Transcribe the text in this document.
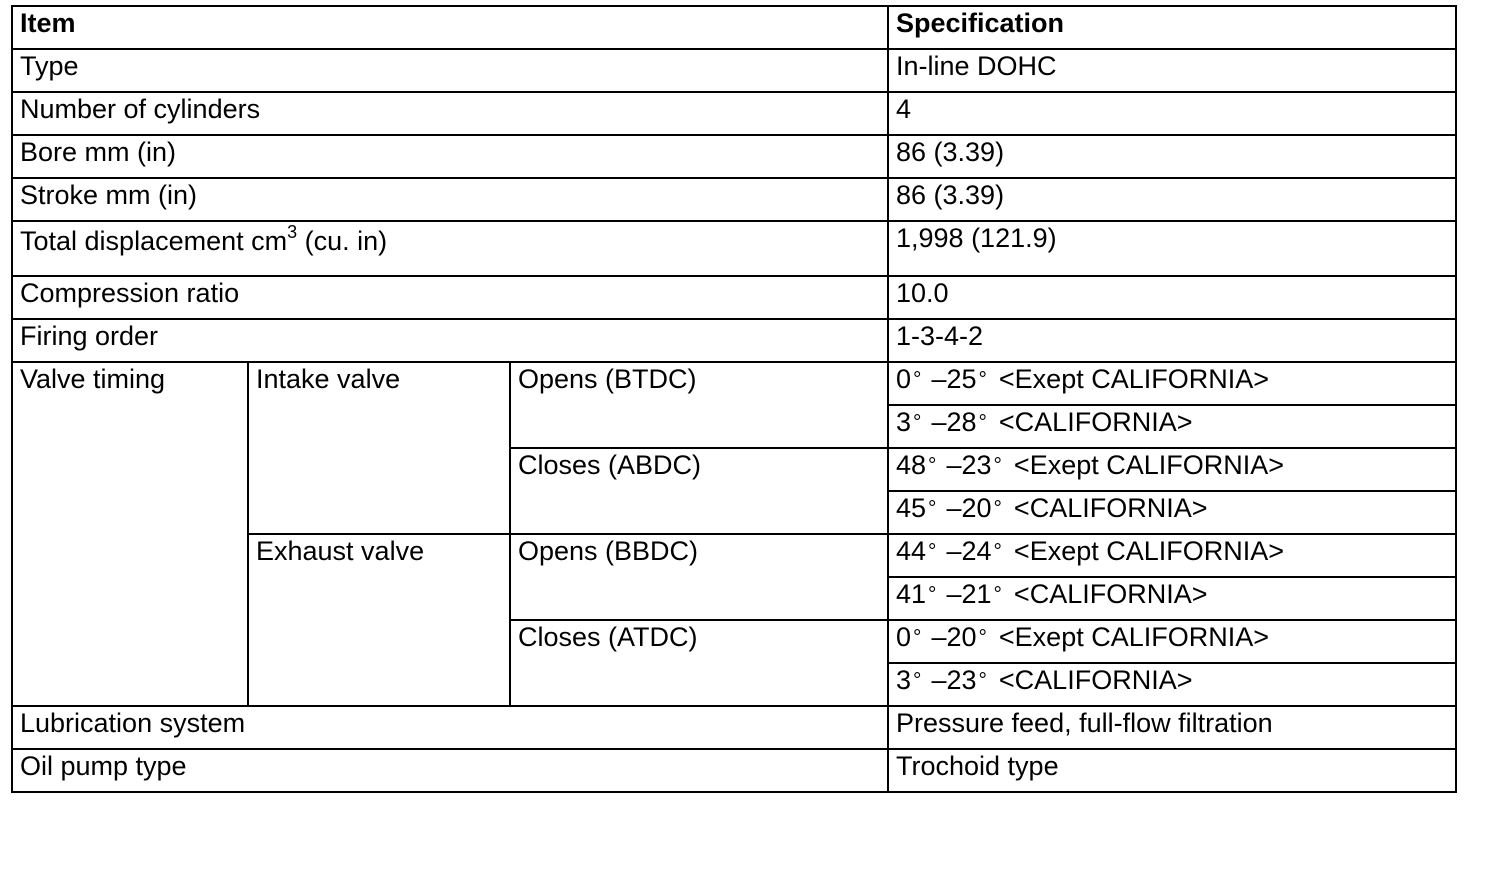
Item			Specification
Type			In-line DOHC
Number of cylinders			4
Bore mm (in)			86 (3.39)
Stroke mm (in)			86 (3.39)
Total displacement $cm^3$ (cu. in)			1,998 (121.9)
Compression ratio			10.0
Firing order			1-3-4-2
Valve timing	Intake valve	Opens (BTDC)	0° –25° <Exept CALIFORNIA>
			3° –28° <CALIFORNIA>
		Closes (ABDC)	48° –23° <Exept CALIFORNIA>
			45° –20° <CALIFORNIA>
	Exhaust valve	Opens (BBDC)	44° –24° <Exept CALIFORNIA>
			41° –21° <CALIFORNIA>
		Closes (ATDC)	0° –20° <Exept CALIFORNIA>
			3° –23° <CALIFORNIA>
Lubrication system			Pressure feed, full-flow filtration
Oil pump type			Trochoid type
